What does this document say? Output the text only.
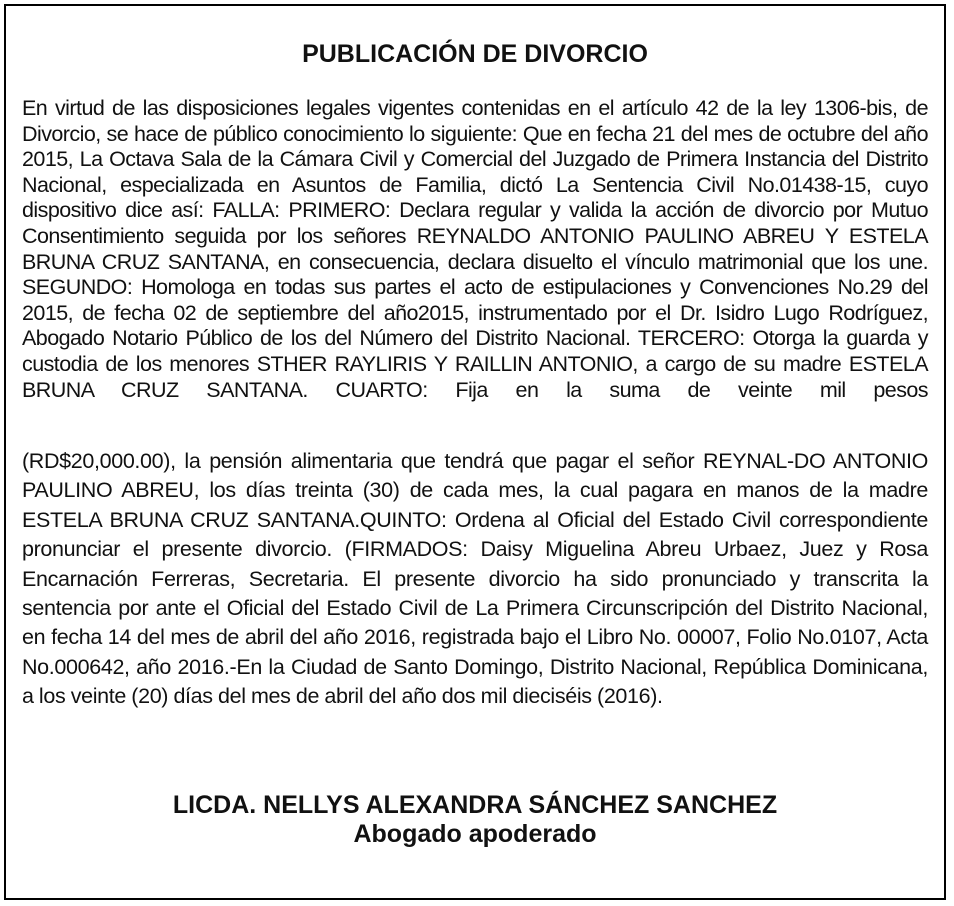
PUBLICACIÓN DE DIVORCIO

En virtud de las disposiciones legales vigentes contenidas en el artículo 42 de la ley 1306-bis, de Divorcio, se hace de público conocimiento lo siguiente: Que en fecha 21 del mes de octubre del año 2015, La Octava Sala de la Cámara Civil y Comercial del Juzgado de Primera Instancia del Distrito Nacional, especializada en Asuntos de Familia, dictó La Sentencia Civil No.01438-15, cuyo dispositivo dice así: FALLA: PRIMERO: Declara regular y valida la acción de divorcio por Mutuo Consentimiento seguida por los señores REYNALDO ANTONIO PAULINO ABREU Y ESTELA BRUNA CRUZ SANTANA, en consecuencia, declara disuelto el vínculo matrimonial que los une. SEGUNDO: Homologa en todas sus partes el acto de estipulaciones y Convenciones No.29 del 2015, de fecha 02 de septiembre del año2015, instrumentado por el Dr. Isidro Lugo Rodríguez, Abogado Notario Público de los del Número del Distrito Nacional. TERCERO: Otorga la guarda y custodia de los menores STHER RAYLIRIS Y RAILLIN ANTONIO, a cargo de su madre ESTELA BRUNA CRUZ SANTANA. CUARTO: Fija en la suma de veinte mil pesos

(RD$20,000.00), la pensión alimentaria que tendrá que pagar el señor REYNAL-DO ANTONIO PAULINO ABREU, los días treinta (30) de cada mes, la cual pagara en manos de la madre ESTELA BRUNA CRUZ SANTANA.QUINTO: Ordena al Oficial del Estado Civil correspondiente pronunciar el presente divorcio. (FIRMADOS: Daisy Miguelina Abreu Urbaez, Juez y Rosa Encarnación Ferreras, Secretaria. El presente divorcio ha sido pronunciado y transcrita la sentencia por ante el Oficial del Estado Civil de La Primera Circunscripción del Distrito Nacional, en fecha 14 del mes de abril del año 2016, registrada bajo el Libro No. 00007, Folio No.0107, Acta No.000642, año 2016.-En la Ciudad de Santo Domingo, Distrito Nacional, República Dominicana, a los veinte (20) días del mes de abril del año dos mil dieciséis (2016).

LICDA. NELLYS ALEXANDRA SÁNCHEZ SANCHEZ
Abogado apoderado
